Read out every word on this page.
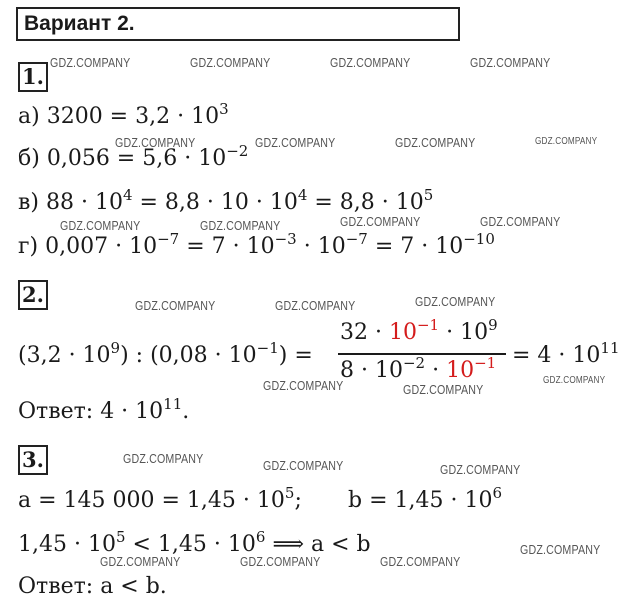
Вариант 2.
1.
а) $3200 = 3,2 \cdot 10^3$
б) $0,056 = 5,6 \cdot 10^{-2}$
в) $88 \cdot 10^4 = 8,8 \cdot 10 \cdot 10^4 = 8,8 \cdot 10^5$
г) $0,007 \cdot 10^{-7} = 7 \cdot 10^{-3} \cdot 10^{-7} = 7 \cdot 10^{-10}$
2.
$(3,2 \cdot 10^9)$ : $(0,08 \cdot 10^{-1})$ =
$32 \cdot 10^{-1} \cdot 10^9$
$8 \cdot 10^{-2} \cdot 10^{-1} = 4 \cdot 10^{11}$
Ответ: $4 \cdot 10^{11}$.
3.
a = 145 $000 = 1,45 \cdot 10^5$; $b = 1,45 \cdot 10^6$
$1,45 \cdot 10^5 < 1,45 \cdot 10^6$ ⟹ a < b
Ответ: a < b.
GDZ.COMPANY	GDZ.COMPANY	GDZ.COMPANY	GDZ.COMPANY
GDZ.COMPANY	GDZ.COMPANY	GDZ.COMPANY	GDZ.COMPANY
GDZ.COMPANY	GDZ.COMPANY	GDZ.COMPANY	GDZ.COMPANY
GDZ.COMPANY	GDZ.COMPANY	GDZ.COMPANY
GDZ.COMPANY	GDZ.COMPANY
GDZ.COMPANY
GDZ.COMPANY	GDZ.COMPANY	GDZ.COMPANY
GDZ.COMPANY
GDZ.COMPANY	GDZ.COMPANY	GDZ.COMPANY
